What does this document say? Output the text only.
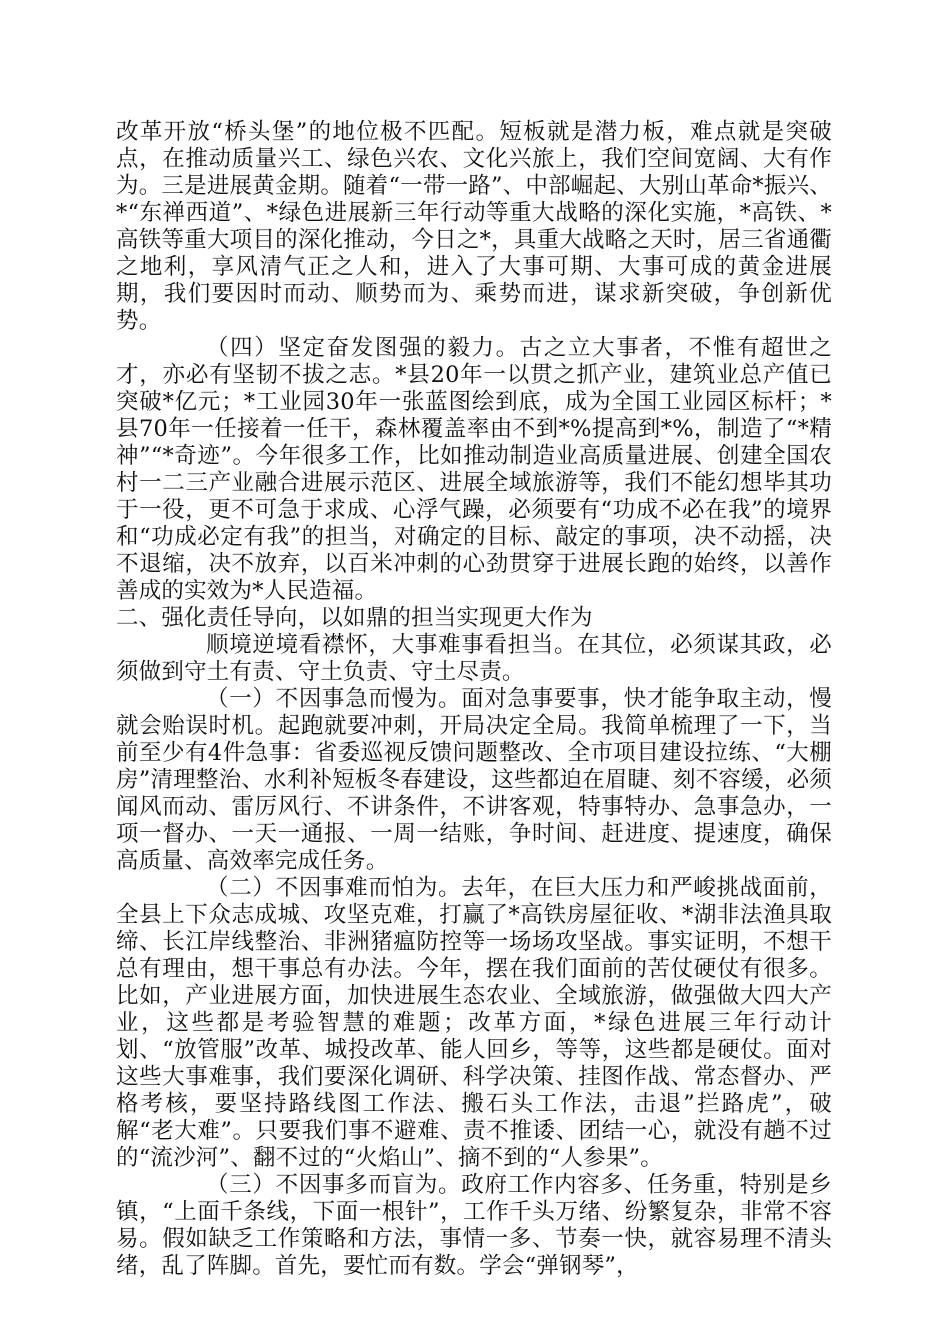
改革开放“桥头堡”的地位极不匹配。短板就是潜力板，难点就是突破点，在推动质量兴工、绿色兴农、文化兴旅上，我们空间宽阔、大有作为。三是进展黄金期。随着“一带一路”、中部崛起、大别山革命*振兴、*“东禅西道”、*绿色进展新三年行动等重大战略的深化实施，*高铁、*高铁等重大项目的深化推动，今日之*，具重大战略之天时，居三省通衢之地利，享风清气正之人和，进入了大事可期、大事可成的黄金进展期，我们要因时而动、顺势而为、乘势而进，谋求新突破，争创新优势。

（四）坚定奋发图强的毅力。古之立大事者，不惟有超世之才，亦必有坚韧不拔之志。*县20年一以贯之抓产业，建筑业总产值已突破*亿元；*工业园30年一张蓝图绘到底，成为全国工业园区标杆；*县70年一任接着一任干，森林覆盖率由不到*%提高到*%，制造了“*精神”“*奇迹”。今年很多工作，比如推动制造业高质量进展、创建全国农村一二三产业融合进展示范区、进展全域旅游等，我们不能幻想毕其功于一役，更不可急于求成、心浮气躁，必须要有“功成不必在我”的境界和“功成必定有我”的担当，对确定的目标、敲定的事项，决不动摇，决不退缩，决不放弃，以百米冲刺的心劲贯穿于进展长跑的始终，以善作善成的实效为*人民造福。

二、强化责任导向，以如鼎的担当实现更大作为

顺境逆境看襟怀，大事难事看担当。在其位，必须谋其政，必须做到守土有责、守土负责、守土尽责。

（一）不因事急而慢为。面对急事要事，快才能争取主动，慢就会贻误时机。起跑就要冲刺，开局决定全局。我简单梳理了一下，当前至少有4件急事：省委巡视反馈问题整改、全市项目建设拉练、“大棚房”清理整治、水利补短板冬春建设，这些都迫在眉睫、刻不容缓，必须闻风而动、雷厉风行、不讲条件，不讲客观，特事特办、急事急办，一项一督办、一天一通报、一周一结账，争时间、赶进度、提速度，确保高质量、高效率完成任务。

（二）不因事难而怕为。去年，在巨大压力和严峻挑战面前，全县上下众志成城、攻坚克难，打赢了*高铁房屋征收、*湖非法渔具取缔、长江岸线整治、非洲猪瘟防控等一场场攻坚战。事实证明，不想干总有理由，想干事总有办法。今年，摆在我们面前的苦仗硬仗有很多。比如，产业进展方面，加快进展生态农业、全域旅游，做强做大四大产业，这些都是考验智慧的难题；改革方面，*绿色进展三年行动计划、“放管服”改革、城投改革、能人回乡，等等，这些都是硬仗。面对这些大事难事，我们要深化调研、科学决策、挂图作战、常态督办、严格考核，要坚持路线图工作法、搬石头工作法，击退”拦路虎”，破解“老大难”。只要我们事不避难、责不推诿、团结一心，就没有趟不过的“流沙河”、翻不过的“火焰山”、摘不到的“人参果”。

（三）不因事多而盲为。政府工作内容多、任务重，特别是乡镇，“上面千条线，下面一根针”，工作千头万绪、纷繁复杂，非常不容易。假如缺乏工作策略和方法，事情一多、节奏一快，就容易理不清头绪，乱了阵脚。首先，要忙而有数。学会“弹钢琴”，
